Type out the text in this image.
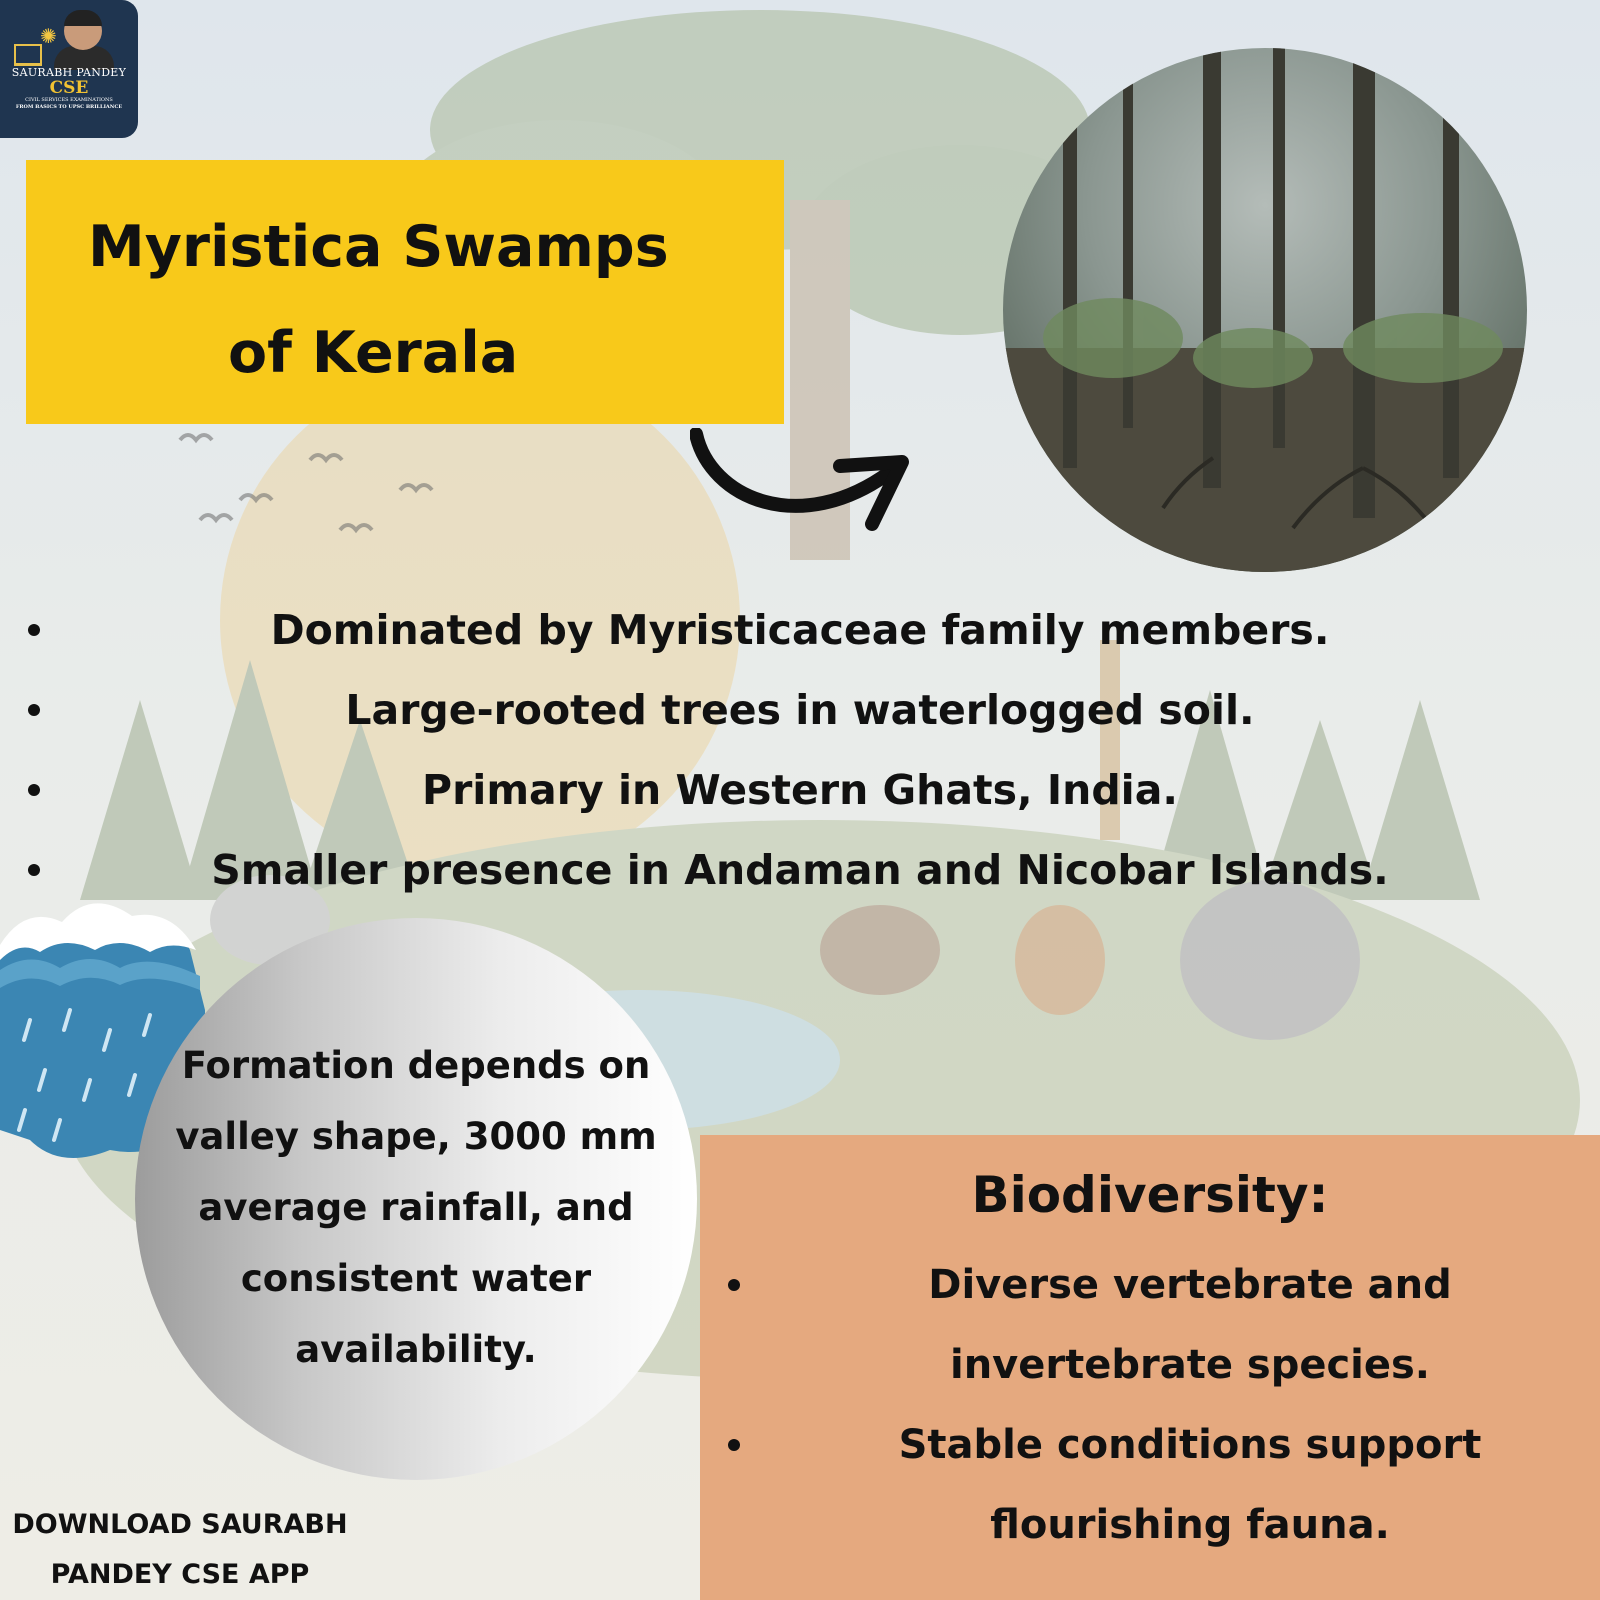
✺
SAURABH PANDEY
CSE
CIVIL SERVICES EXAMINATIONS
FROM BASICS TO UPSC BRILLIANCE
Myristica Swamps
of Kerala
Dominated by Myristicaceae family members.
Large-rooted trees in waterlogged soil.
Primary in Western Ghats, India.
Smaller presence in Andaman and Nicobar Islands.
Formation depends on valley shape, 3000 mm average rainfall, and consistent water availability.
Biodiversity:
Diverse vertebrate and invertebrate species.
Stable conditions support flourishing fauna.
DOWNLOAD SAURABH PANDEY CSE APP
